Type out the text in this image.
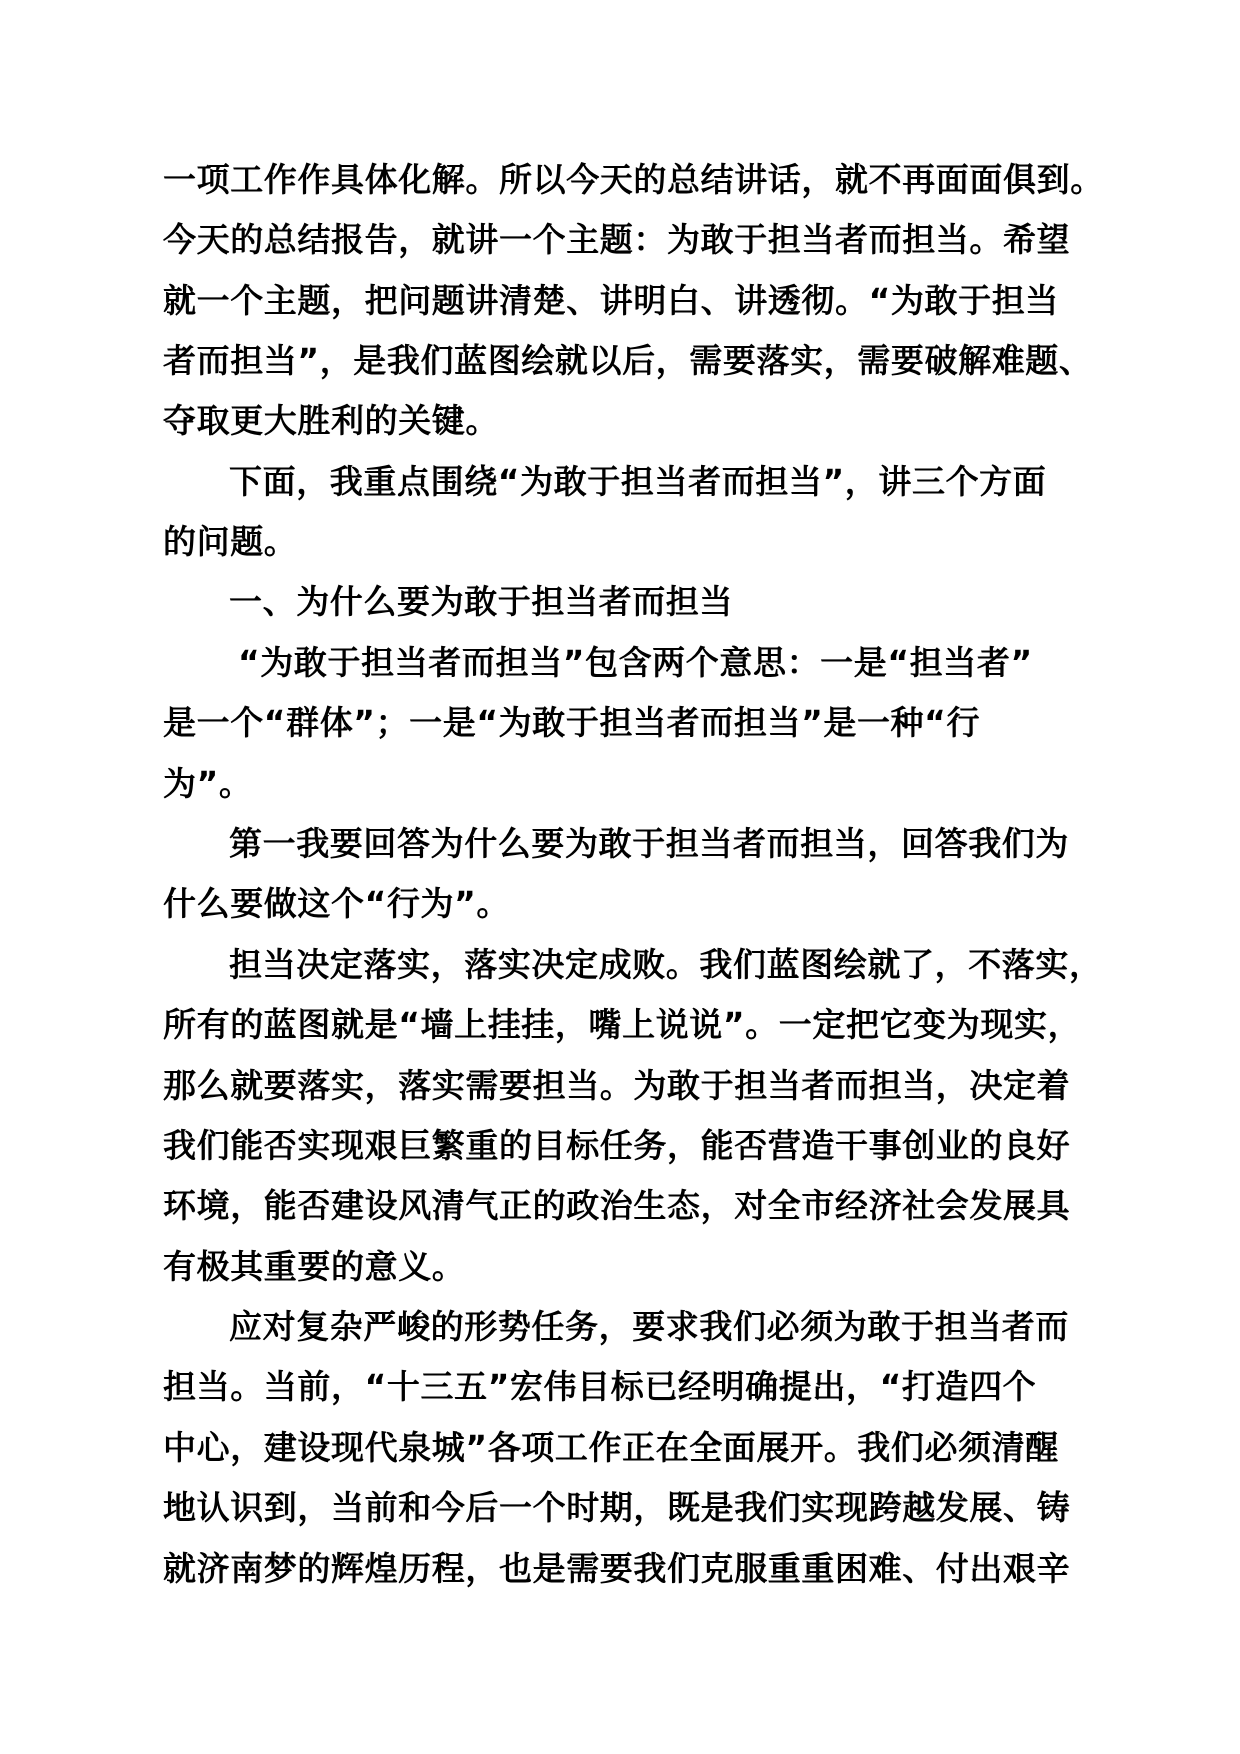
一项工作作具体化解。所以今天的总结讲话，就不再面面俱到。
今天的总结报告，就讲一个主题：为敢于担当者而担当。希望
就一个主题，把问题讲清楚、讲明白、讲透彻。“为敢于担当
者而担当”，是我们蓝图绘就以后，需要落实，需要破解难题、
夺取更大胜利的关键。
下面，我重点围绕“为敢于担当者而担当”，讲三个方面
的问题。
一、为什么要为敢于担当者而担当
“为敢于担当者而担当”包含两个意思：一是“担当者”
是一个“群体”；一是“为敢于担当者而担当”是一种“行
为”。
第一我要回答为什么要为敢于担当者而担当，回答我们为
什么要做这个“行为”。
担当决定落实，落实决定成败。我们蓝图绘就了，不落实，
所有的蓝图就是“墙上挂挂，嘴上说说”。一定把它变为现实，
那么就要落实，落实需要担当。为敢于担当者而担当，决定着
我们能否实现艰巨繁重的目标任务，能否营造干事创业的良好
环境，能否建设风清气正的政治生态，对全市经济社会发展具
有极其重要的意义。
应对复杂严峻的形势任务，要求我们必须为敢于担当者而
担当。当前，“十三五”宏伟目标已经明确提出，“打造四个
中心，建设现代泉城”各项工作正在全面展开。我们必须清醒
地认识到，当前和今后一个时期，既是我们实现跨越发展、铸
就济南梦的辉煌历程，也是需要我们克服重重困难、付出艰辛
